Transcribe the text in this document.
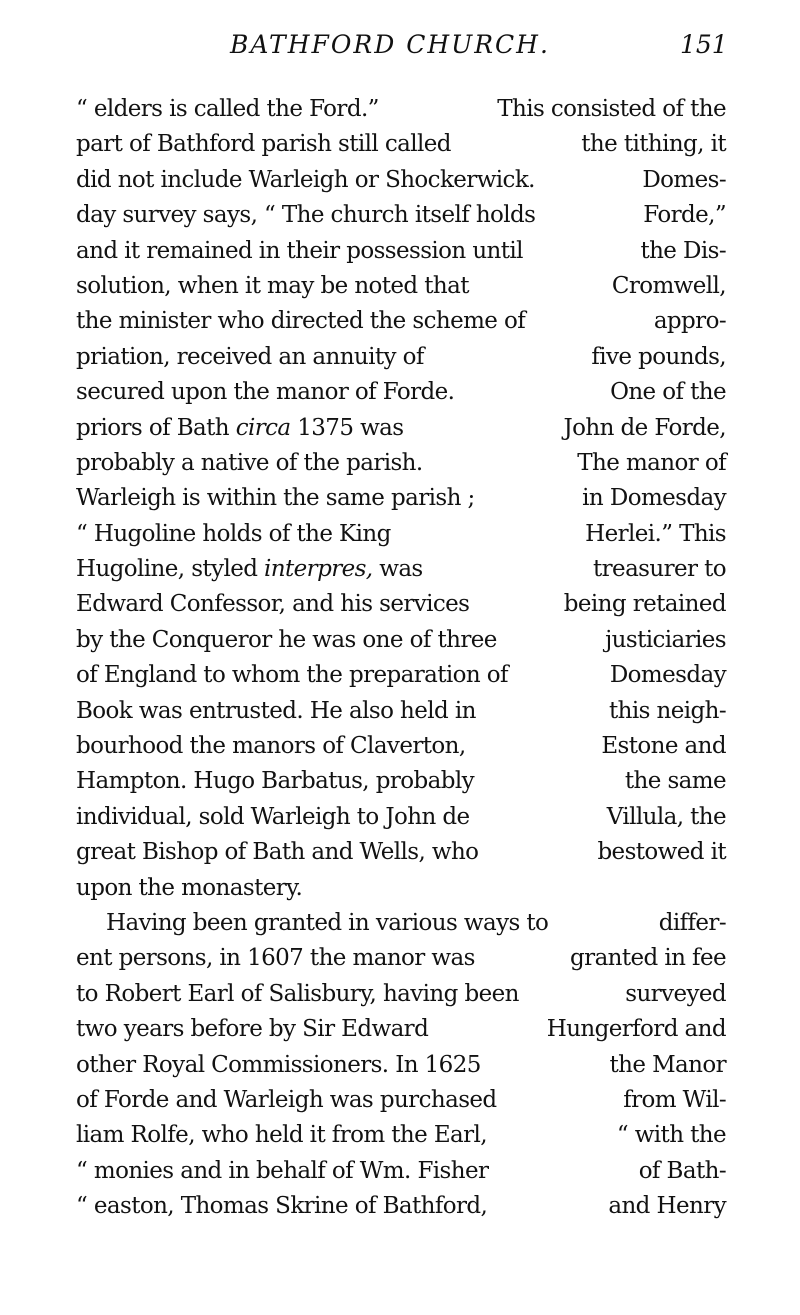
BATHFORD CHURCH.	151
“ elders is called the Ford.”	This consisted of the
part of Bathford parish still called	the tithing, it
did not include Warleigh or Shockerwick.	Domes-
day survey says, “ The church itself holds	Forde,”
and it remained in their possession until	the Dis-
solution, when it may be noted that	Cromwell,
the minister who directed the scheme of	appro-
priation, received an annuity of	five pounds,
secured upon the manor of Forde.	One of the
priors of Bath circa 1375 was	John de Forde,
probably a native of the parish.	The manor of
Warleigh is within the same parish ;	in Domesday
“ Hugoline holds of the King	Herlei.” This
Hugoline, styled interpres, was	treasurer to
Edward Confessor, and his services	being retained
by the Conqueror he was one of three	justiciaries
of England to whom the preparation of	Domesday
Book was entrusted. He also held in	this neigh-
bourhood the manors of Claverton,	Estone and
Hampton. Hugo Barbatus, probably	the same
individual, sold Warleigh to John de	Villula, the
great Bishop of Bath and Wells, who	bestowed it
upon the monastery.
Having been granted in various ways to	differ-
ent persons, in 1607 the manor was	granted in fee
to Robert Earl of Salisbury, having been	surveyed
two years before by Sir Edward	Hungerford and
other Royal Commissioners. In 1625	the Manor
of Forde and Warleigh was purchased	from Wil-
liam Rolfe, who held it from the Earl,	“ with the
“ monies and in behalf of Wm. Fisher	of Bath-
“ easton, Thomas Skrine of Bathford,	and Henry
